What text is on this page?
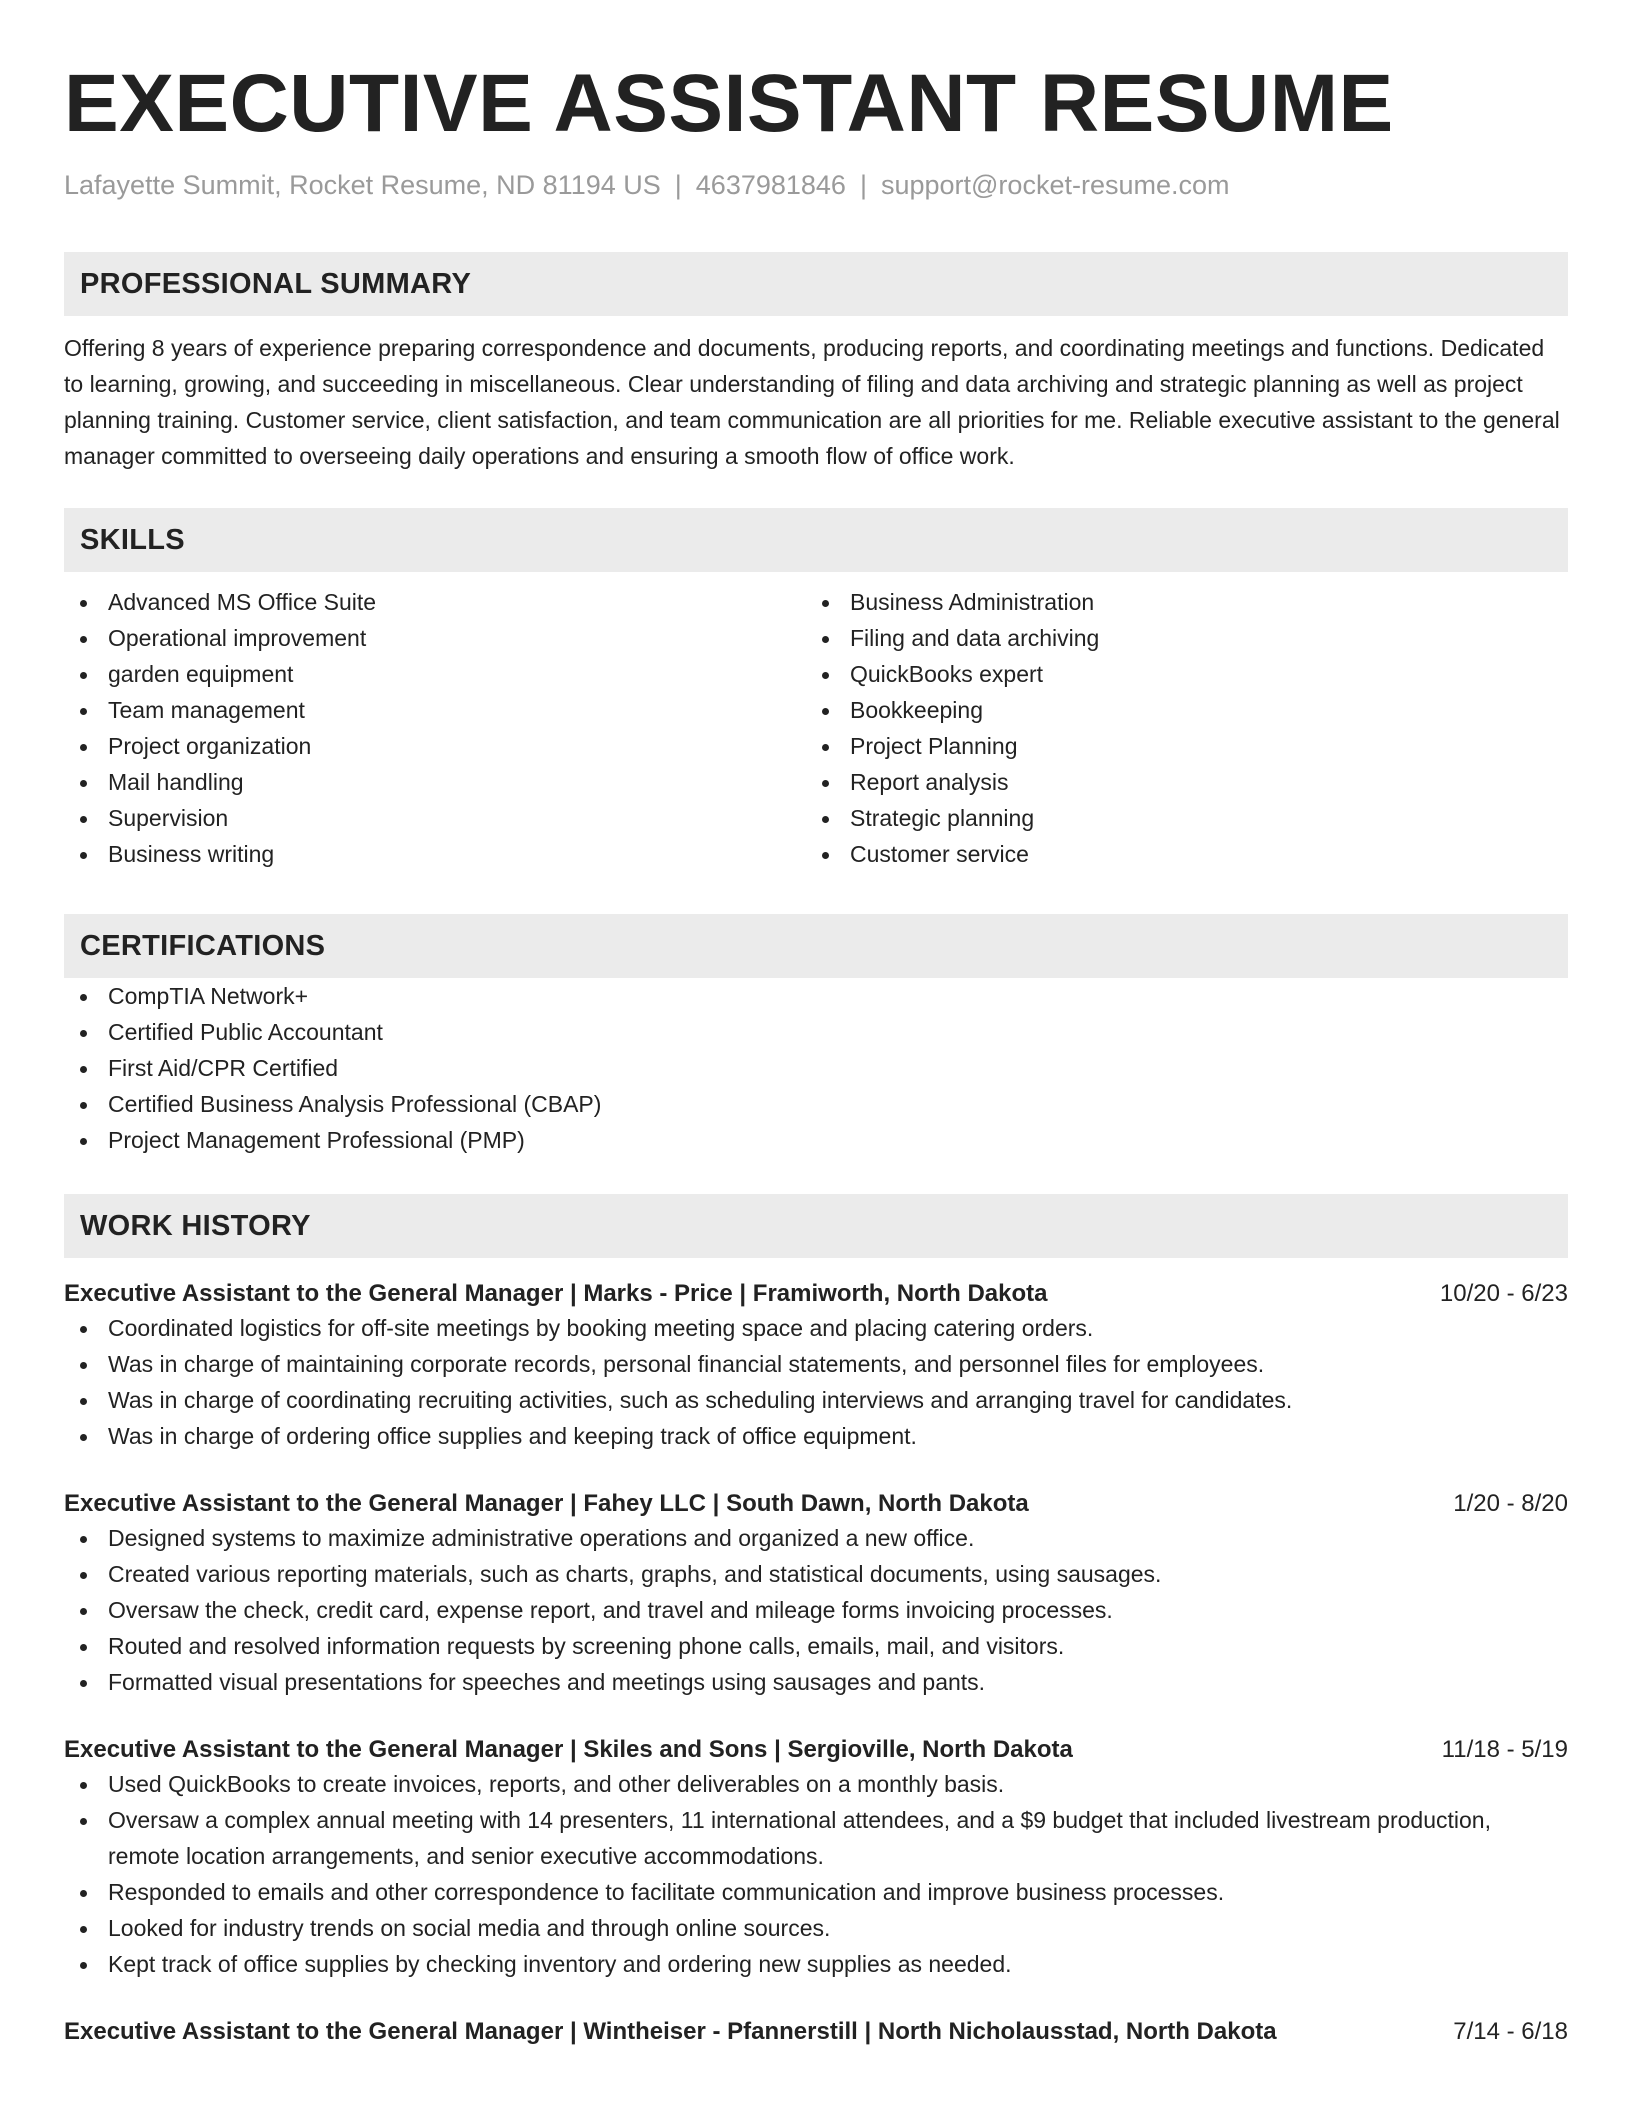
EXECUTIVE ASSISTANT RESUME
Lafayette Summit, Rocket Resume, ND 81194 US | 4637981846 | support@rocket-resume.com
PROFESSIONAL SUMMARY
Offering 8 years of experience preparing correspondence and documents, producing reports, and coordinating meetings and functions. Dedicated to learning, growing, and succeeding in miscellaneous. Clear understanding of filing and data archiving and strategic planning as well as project planning training. Customer service, client satisfaction, and team communication are all priorities for me. Reliable executive assistant to the general manager committed to overseeing daily operations and ensuring a smooth flow of office work.
SKILLS
Advanced MS Office Suite
Operational improvement
garden equipment
Team management
Project organization
Mail handling
Supervision
Business writing
Business Administration
Filing and data archiving
QuickBooks expert
Bookkeeping
Project Planning
Report analysis
Strategic planning
Customer service
CERTIFICATIONS
CompTIA Network+
Certified Public Accountant
First Aid/CPR Certified
Certified Business Analysis Professional (CBAP)
Project Management Professional (PMP)
WORK HISTORY
Executive Assistant to the General Manager | Marks - Price | Framiworth, North Dakota	10/20 - 6/23
Coordinated logistics for off-site meetings by booking meeting space and placing catering orders.
Was in charge of maintaining corporate records, personal financial statements, and personnel files for employees.
Was in charge of coordinating recruiting activities, such as scheduling interviews and arranging travel for candidates.
Was in charge of ordering office supplies and keeping track of office equipment.
Executive Assistant to the General Manager | Fahey LLC | South Dawn, North Dakota	1/20 - 8/20
Designed systems to maximize administrative operations and organized a new office.
Created various reporting materials, such as charts, graphs, and statistical documents, using sausages.
Oversaw the check, credit card, expense report, and travel and mileage forms invoicing processes.
Routed and resolved information requests by screening phone calls, emails, mail, and visitors.
Formatted visual presentations for speeches and meetings using sausages and pants.
Executive Assistant to the General Manager | Skiles and Sons | Sergioville, North Dakota	11/18 - 5/19
Used QuickBooks to create invoices, reports, and other deliverables on a monthly basis.
Oversaw a complex annual meeting with 14 presenters, 11 international attendees, and a $9 budget that included livestream production, remote location arrangements, and senior executive accommodations.
Responded to emails and other correspondence to facilitate communication and improve business processes.
Looked for industry trends on social media and through online sources.
Kept track of office supplies by checking inventory and ordering new supplies as needed.
Executive Assistant to the General Manager | Wintheiser - Pfannerstill | North Nicholausstad, North Dakota	7/14 - 6/18
